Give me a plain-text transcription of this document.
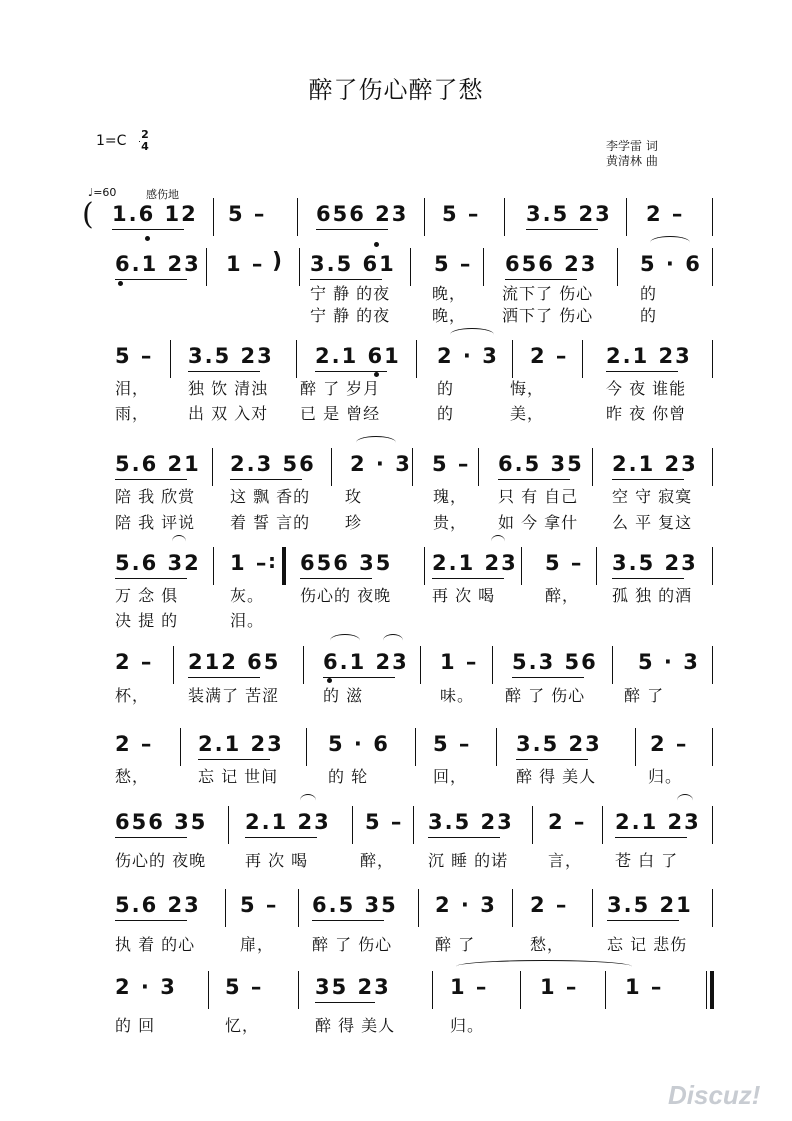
醉了伤心醉了愁
1=C 2
4	李学雷 词
黄清林 曲
♩=60	感伤地
( 1.6 12 5 – 656 23 5 – 3.5 23 2 –
6.1 23 1 – 3.5 61 5 – 656 23 5 · 6
宁 静 的夜	晚， 流下了 伤心	的
宁 静 的夜	晚， 洒下了 伤心	的
5 – 3.5 23 2.1 61 2 · 3 2 – 2.1 23
泪， 独 饮 清浊 醉 了 岁月	的	悔，	今 夜 谁能
雨， 出 双 入对 已 是 曾经	的	美，	昨 夜 你曾
5.6 21 2.3 56 2 · 3 5 – 6.5 35 2.1 23
陪 我 欣赏 这 飘 香的 玫	瑰， 只 有 自己 空 守 寂寞
陪 我 评说 着 誓 言的 珍	贵， 如 今 拿什 么 平 复这
5.6 32 1 – 656 35 2.1 23 5 – 3.5 23
万 念 俱	灰。 伤心的 夜晚	再 次 喝	醉， 孤 独 的酒
决 提 的	泪。
2 – 212 65 6.1 23 1 – 5.3 56 5 · 3
杯， 装满了 苦涩	的 滋	味。 醉 了 伤心 醉 了
2 – 2.1 23 5 · 6 5 – 3.5 23 2 –
愁，	忘 记 世间	的 轮	回，	醉 得 美人	归。
656 35 2.1 23 5 – 3.5 23 2 – 2.1 23
伤心的 夜晚 再 次 喝	醉， 沉 睡 的诺 言， 苍 白 了
5.6 23 5 – 6.5 35 2 · 3 2 – 3.5 21
执 着 的心	扉， 醉 了 伤心	醉 了	愁，	忘 记 悲伤
2 · 3 5 – 35 23	1 – 1 – 1 –
的 回	忆，	醉 得 美人	归。
)
:
Discuz!
